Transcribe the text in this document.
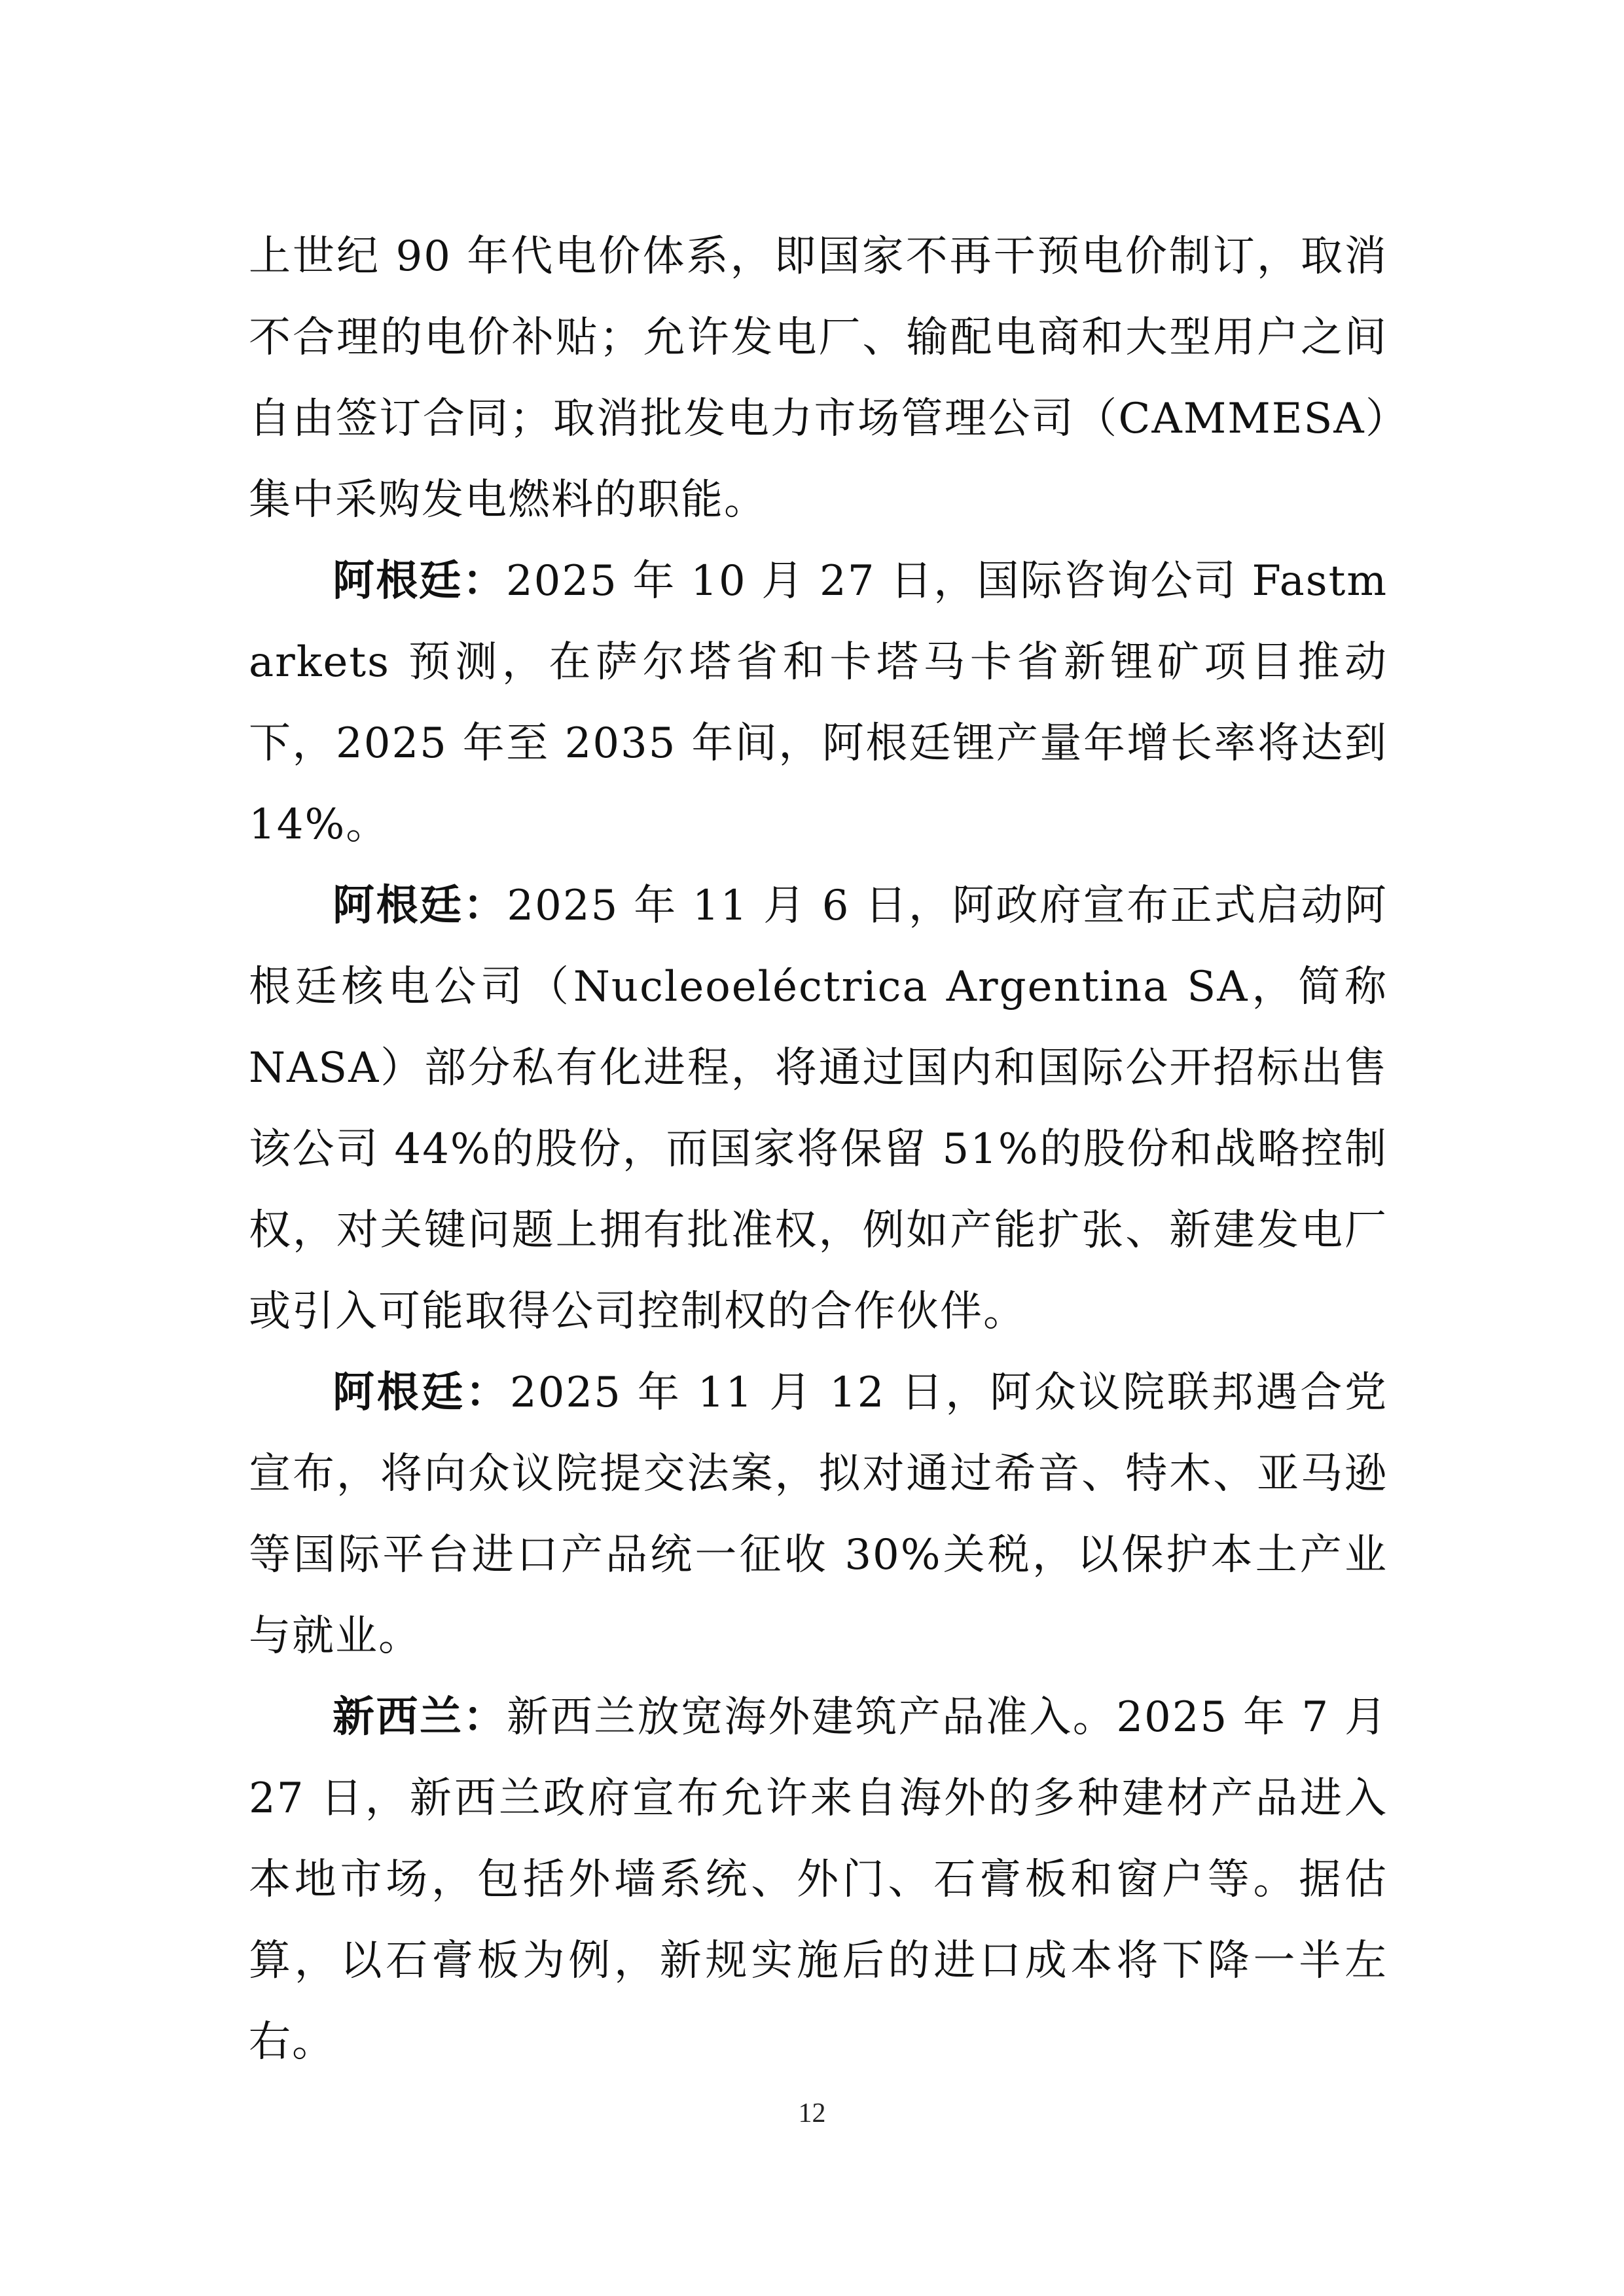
上世纪 90 年代电价体系，即国家不再干预电价制订，取消不合理的电价补贴；允许发电厂、输配电商和大型用户之间自由签订合同；取消批发电力市场管理公司（CAMMESA）集中采购发电燃料的职能。

阿根廷：2025 年 10 月 27 日，国际咨询公司 Fastmarkets 预测，在萨尔塔省和卡塔马卡省新锂矿项目推动下，2025 年至 2035 年间，阿根廷锂产量年增长率将达到 14%。

阿根廷：2025 年 11 月 6 日，阿政府宣布正式启动阿根廷核电公司（Nucleoeléctrica Argentina SA，简称 NASA）部分私有化进程，将通过国内和国际公开招标出售该公司 44%的股份，而国家将保留 51%的股份和战略控制权，对关键问题上拥有批准权，例如产能扩张、新建发电厂或引入可能取得公司控制权的合作伙伴。

阿根廷：2025 年 11 月 12 日，阿众议院联邦遇合党宣布，将向众议院提交法案，拟对通过希音、特木、亚马逊等国际平台进口产品统一征收 30%关税，以保护本土产业与就业。

新西兰：新西兰放宽海外建筑产品准入。2025 年 7 月 27 日，新西兰政府宣布允许来自海外的多种建材产品进入本地市场，包括外墙系统、外门、石膏板和窗户等。据估算，以石膏板为例，新规实施后的进口成本将下降一半左右。

12
